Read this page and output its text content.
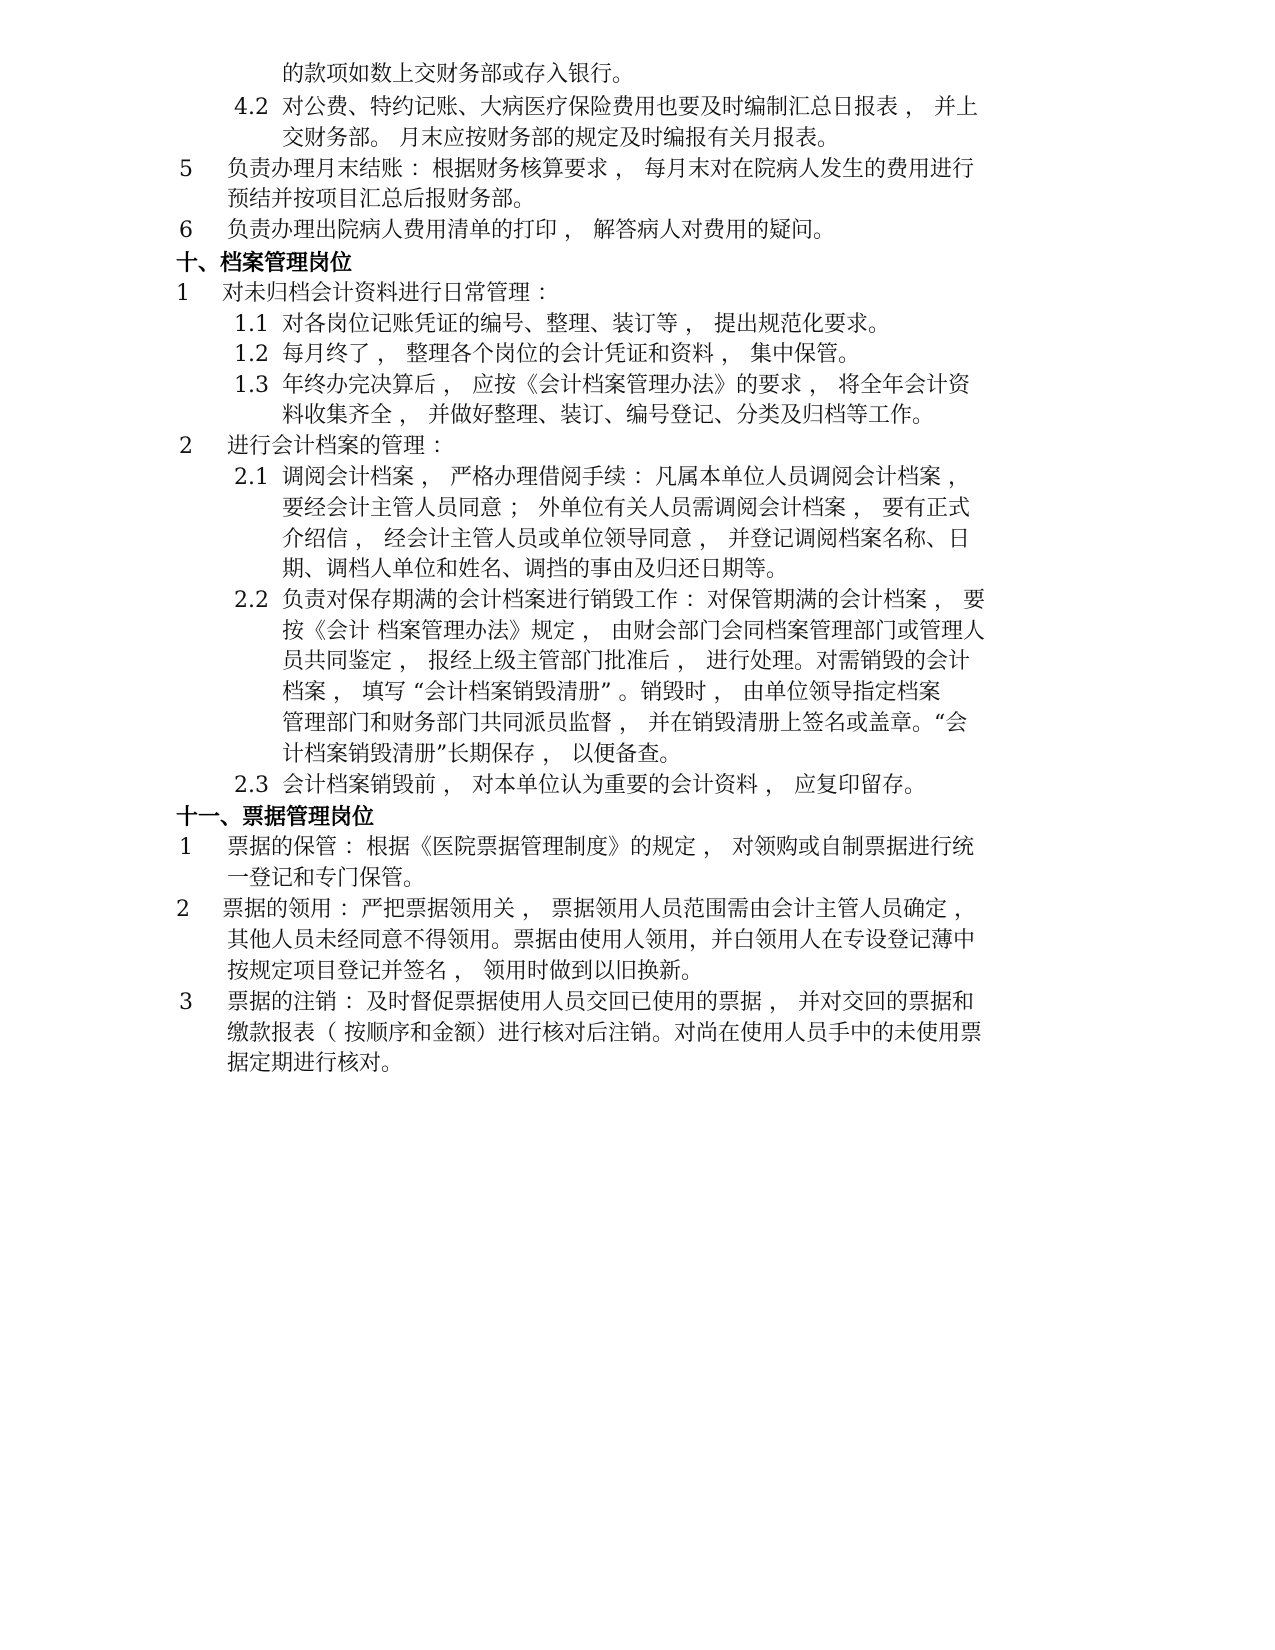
的款项如数上交财务部或存入银行。
4.2 对公费、特约记账、大病医疗保险费用也要及时编制汇总日报表 ， 并上
交财务部。 月末应按财务部的规定及时编报有关月报表。
5 负责办理月末结账 ：根据财务核算要求 ， 每月末对在院病人发生的费用进行
预结并按项目汇总后报财务部。
6 负责办理出院病人费用清单的打印 ， 解答病人对费用的疑问。
十、档案管理岗位
1 对未归档会计资料进行日常管理 ：
1.1 对各岗位记账凭证的编号、整理、装订等 ， 提出规范化要求。
1.2 每月终了 ， 整理各个岗位的会计凭证和资料 ， 集中保管。
1.3 年终办完决算后 ， 应按《会计档案管理办法》的要求 ， 将全年会计资
料收集齐全 ， 并做好整理、装订、编号登记、分类及归档等工作。
2 进行会计档案的管理 ：
2.1 调阅会计档案 ， 严格办理借阅手续 ：凡属本单位人员调阅会计档案 ，
要经会计主管人员同意 ； 外单位有关人员需调阅会计档案 ， 要有正式
介绍信 ， 经会计主管人员或单位领导同意 ， 并登记调阅档案名称、日
期、调档人单位和姓名、调挡的事由及归还日期等。
2.2 负责对保存期满的会计档案进行销毁工作 ：对保管期满的会计档案 ， 要
按《会计 档案管理办法》规定 ， 由财会部门会同档案管理部门或管理人
员共同鉴定 ， 报经上级主管部门批准后 ， 进行处理。对需销毁的会计
档案 ， 填写 “会计档案销毁清册” 。销毁时 ， 由单位领导指定档案
管理部门和财务部门共同派员监督 ， 并在销毁清册上签名或盖章。“会
计档案销毁清册”长期保存 ， 以便备查。
2.3 会计档案销毁前 ， 对本单位认为重要的会计资料 ， 应复印留存。
十一、票据管理岗位
1 票据的保管 ：根据《医院票据管理制度》的规定 ， 对领购或自制票据进行统
一登记和专门保管。
2 票据的领用 ：严把票据领用关 ， 票据领用人员范围需由会计主管人员确定 ，
其他人员未经同意不得领用。票据由使用人领用，并白领用人在专设登记薄中
按规定项目登记并签名 ， 领用时做到以旧换新。
3 票据的注销 ：及时督促票据使用人员交回已使用的票据 ， 并对交回的票据和
缴款报表（ 按顺序和金额）进行核对后注销。对尚在使用人员手中的未使用票
据定期进行核对。
